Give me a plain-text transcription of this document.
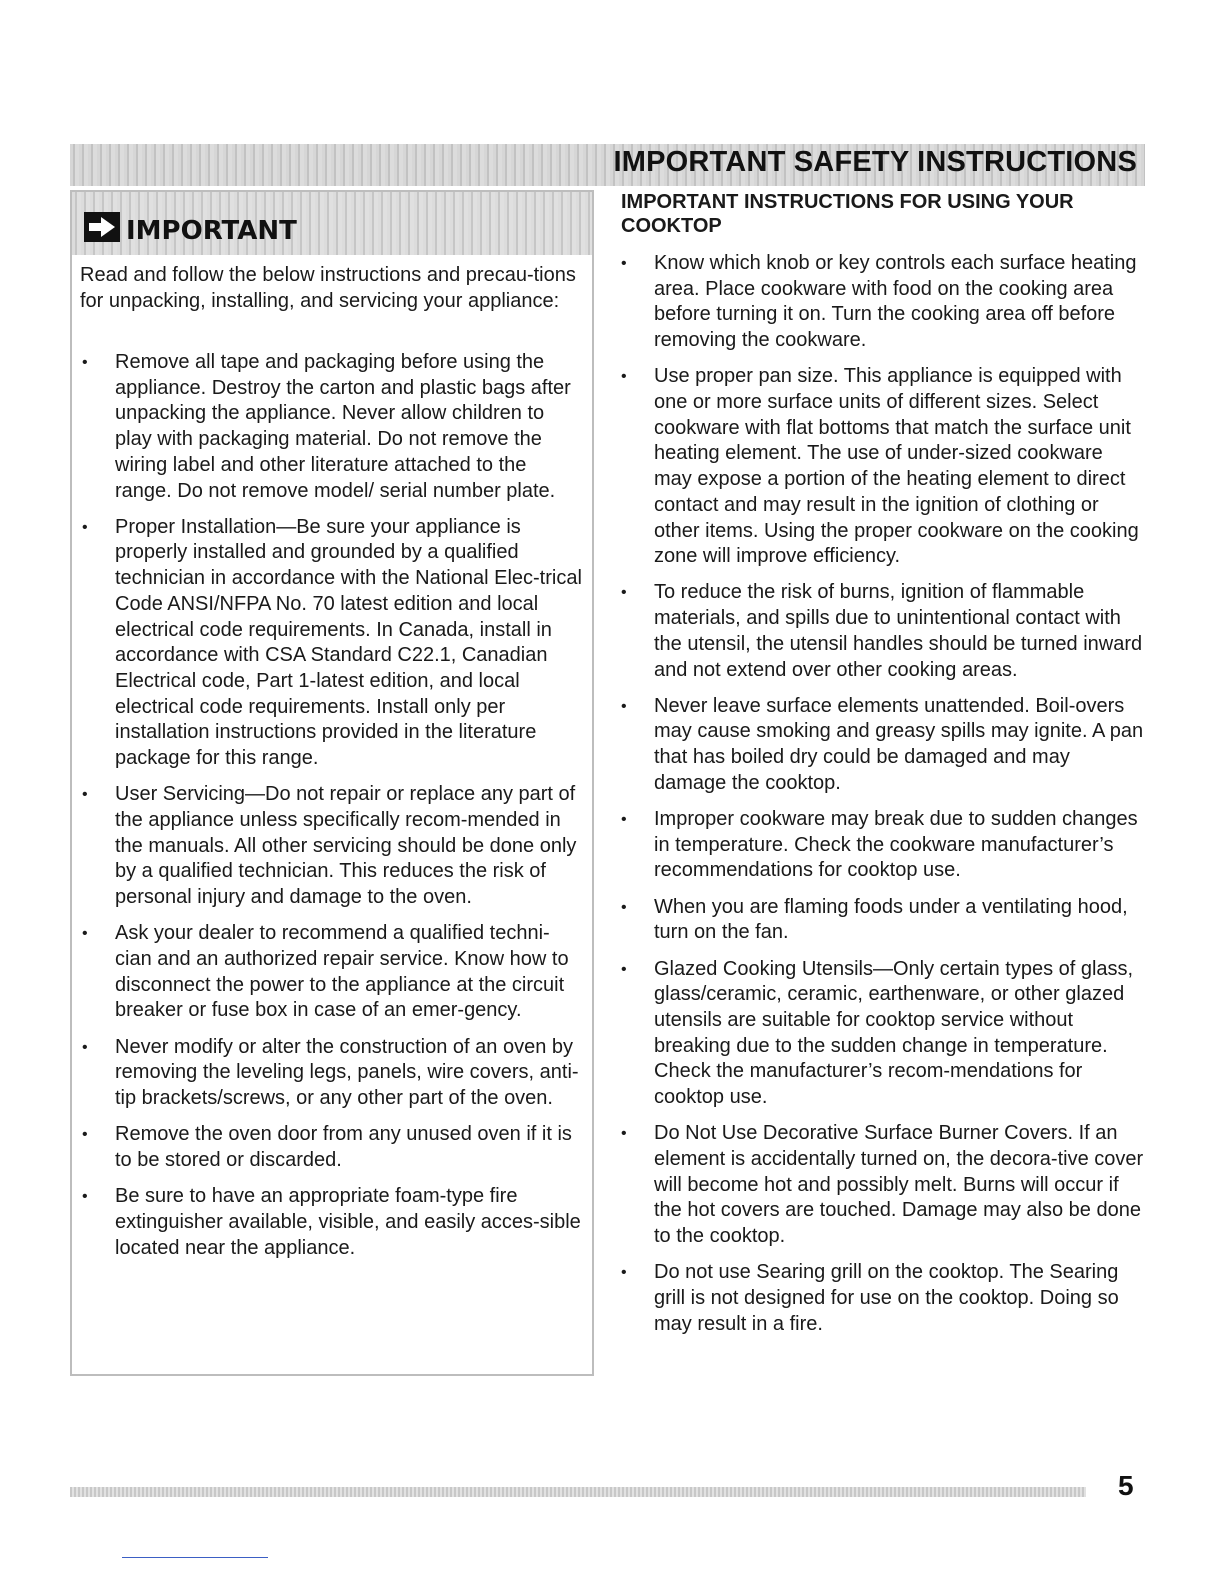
IMPORTANT SAFETY INSTRUCTIONS
IMPORTANT

Read and follow the below instructions and precau-tions for unpacking, installing, and servicing your appliance:

• Remove all tape and packaging before using the appliance. Destroy the carton and plastic bags after unpacking the appliance. Never allow children to play with packaging material. Do not remove the wiring label and other literature attached to the range. Do not remove model/ serial number plate.
• Proper Installation—Be sure your appliance is properly installed and grounded by a qualified technician in accordance with the National Elec-trical Code ANSI/NFPA No. 70 latest edition and local electrical code requirements. In Canada, install in accordance with CSA Standard C22.1, Canadian Electrical code, Part 1-latest edition, and local electrical code requirements. Install only per installation instructions provided in the literature package for this range.
• User Servicing—Do not repair or replace any part of the appliance unless specifically recom-mended in the manuals. All other servicing should be done only by a qualified technician. This reduces the risk of personal injury and damage to the oven.
• Ask your dealer to recommend a qualified techni-cian and an authorized repair service. Know how to disconnect the power to the appliance at the circuit breaker or fuse box in case of an emer-gency.
• Never modify or alter the construction of an oven by removing the leveling legs, panels, wire covers, anti-tip brackets/screws, or any other part of the oven.
• Remove the oven door from any unused oven if it is to be stored or discarded.
• Be sure to have an appropriate foam-type fire extinguisher available, visible, and easily acces-sible located near the appliance.
IMPORTANT INSTRUCTIONS FOR USING YOUR COOKTOP
• Know which knob or key controls each surface heating area. Place cookware with food on the cooking area before turning it on. Turn the cooking area off before removing the cookware.
• Use proper pan size. This appliance is equipped with one or more surface units of different sizes. Select cookware with flat bottoms that match the surface unit heating element. The use of under-sized cookware may expose a portion of the heating element to direct contact and may result in the ignition of clothing or other items. Using the proper cookware on the cooking zone will improve efficiency.
• To reduce the risk of burns, ignition of flammable materials, and spills due to unintentional contact with the utensil, the utensil handles should be turned inward and not extend over other cooking areas.
• Never leave surface elements unattended. Boil-overs may cause smoking and greasy spills may ignite. A pan that has boiled dry could be damaged and may damage the cooktop.
• Improper cookware may break due to sudden changes in temperature. Check the cookware manufacturer’s recommendations for cooktop use.
• When you are flaming foods under a ventilating hood, turn on the fan.
• Glazed Cooking Utensils—Only certain types of glass, glass/ceramic, ceramic, earthenware, or other glazed utensils are suitable for cooktop service without breaking due to the sudden change in temperature. Check the manufacturer’s recom-mendations for cooktop use.
• Do Not Use Decorative Surface Burner Covers. If an element is accidentally turned on, the decora-tive cover will become hot and possibly melt. Burns will occur if the hot covers are touched. Damage may also be done to the cooktop.
• Do not use Searing grill on the cooktop. The Searing grill is not designed for use on the cooktop. Doing so may result in a fire.
5
